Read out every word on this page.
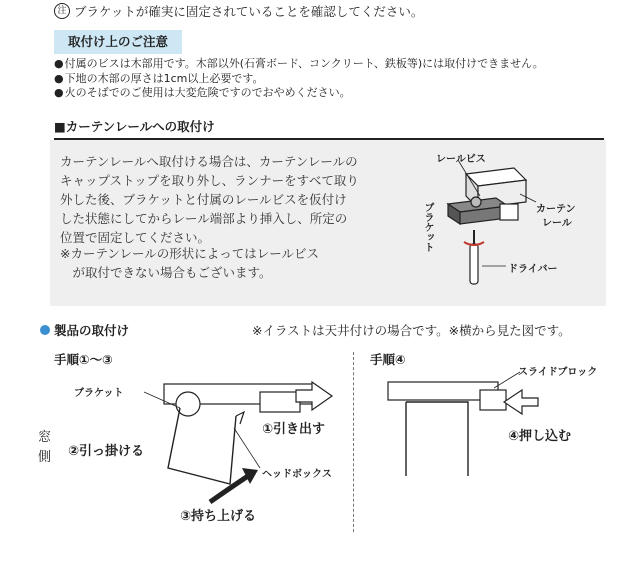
注 ブラケットが確実に固定されていることを確認してください。
取付け上のご注意
● 付属のビスは木部用です。木部以外(石膏ボード、コンクリート、鉄板等)には取付けできません。
● 下地の木部の厚さは1cm以上必要です。
● 火のそばでのご使用は大変危険ですのでおやめください。
■カーテンレールへの取付け
カーテンレールへ取付ける場合は、カーテンレールの
キャップストップを取り外し、ランナーをすべて取り
外した後、ブラケットと付属のレールビスを仮付け
した状態にしてからレール端部より挿入し、所定の
位置で固定してください。
※カーテンレールの形状によってはレールビス
　が取付できない場合もございます。
レールビス
カーテン
レール
ブラケット
ドライバー
製品の取付け	※イラストは天井付けの場合です。※横から見た図です。
手順①〜③
窓
側
ブラケット
ヘッドボックス
①引き出す
②引っ掛ける
③持ち上げる
手順④
スライドブロック
④押し込む
